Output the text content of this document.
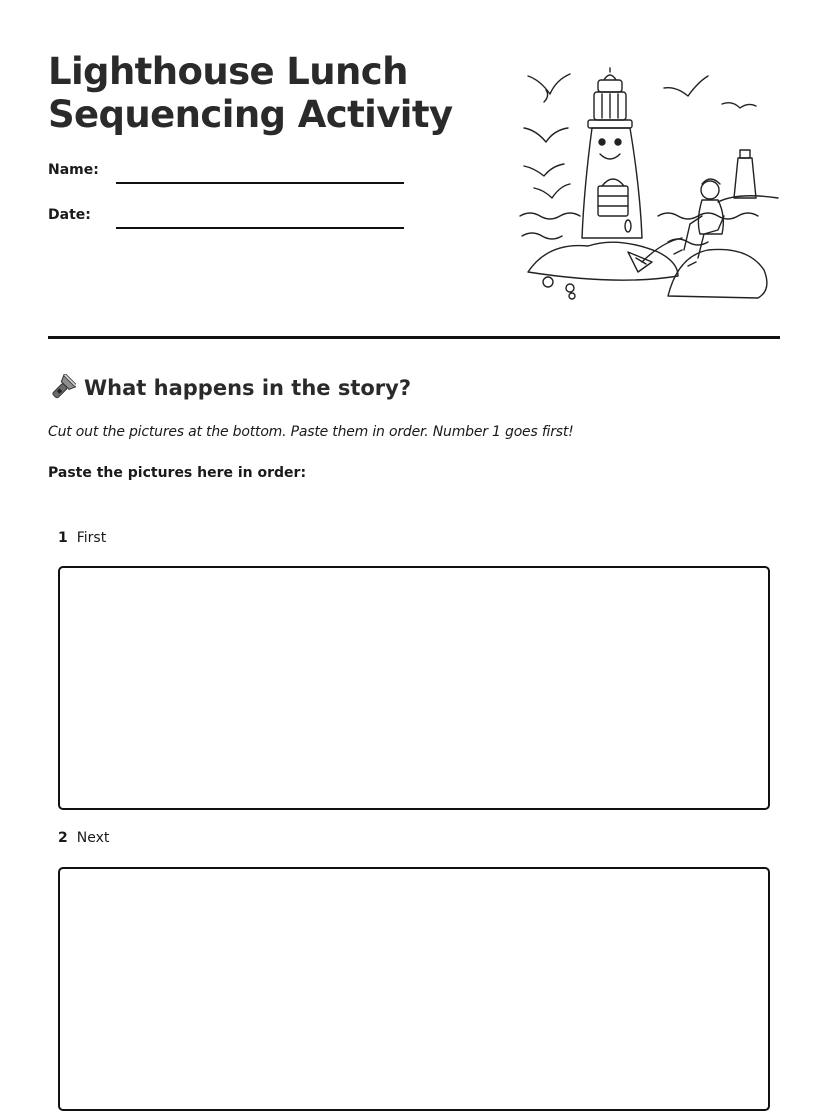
Lighthouse Lunch
Sequencing Activity
Name:
Date:
What happens in the story?
Cut out the pictures at the bottom. Paste them in order. Number 1 goes first!
Paste the pictures here in order:
1 First
2 Next
